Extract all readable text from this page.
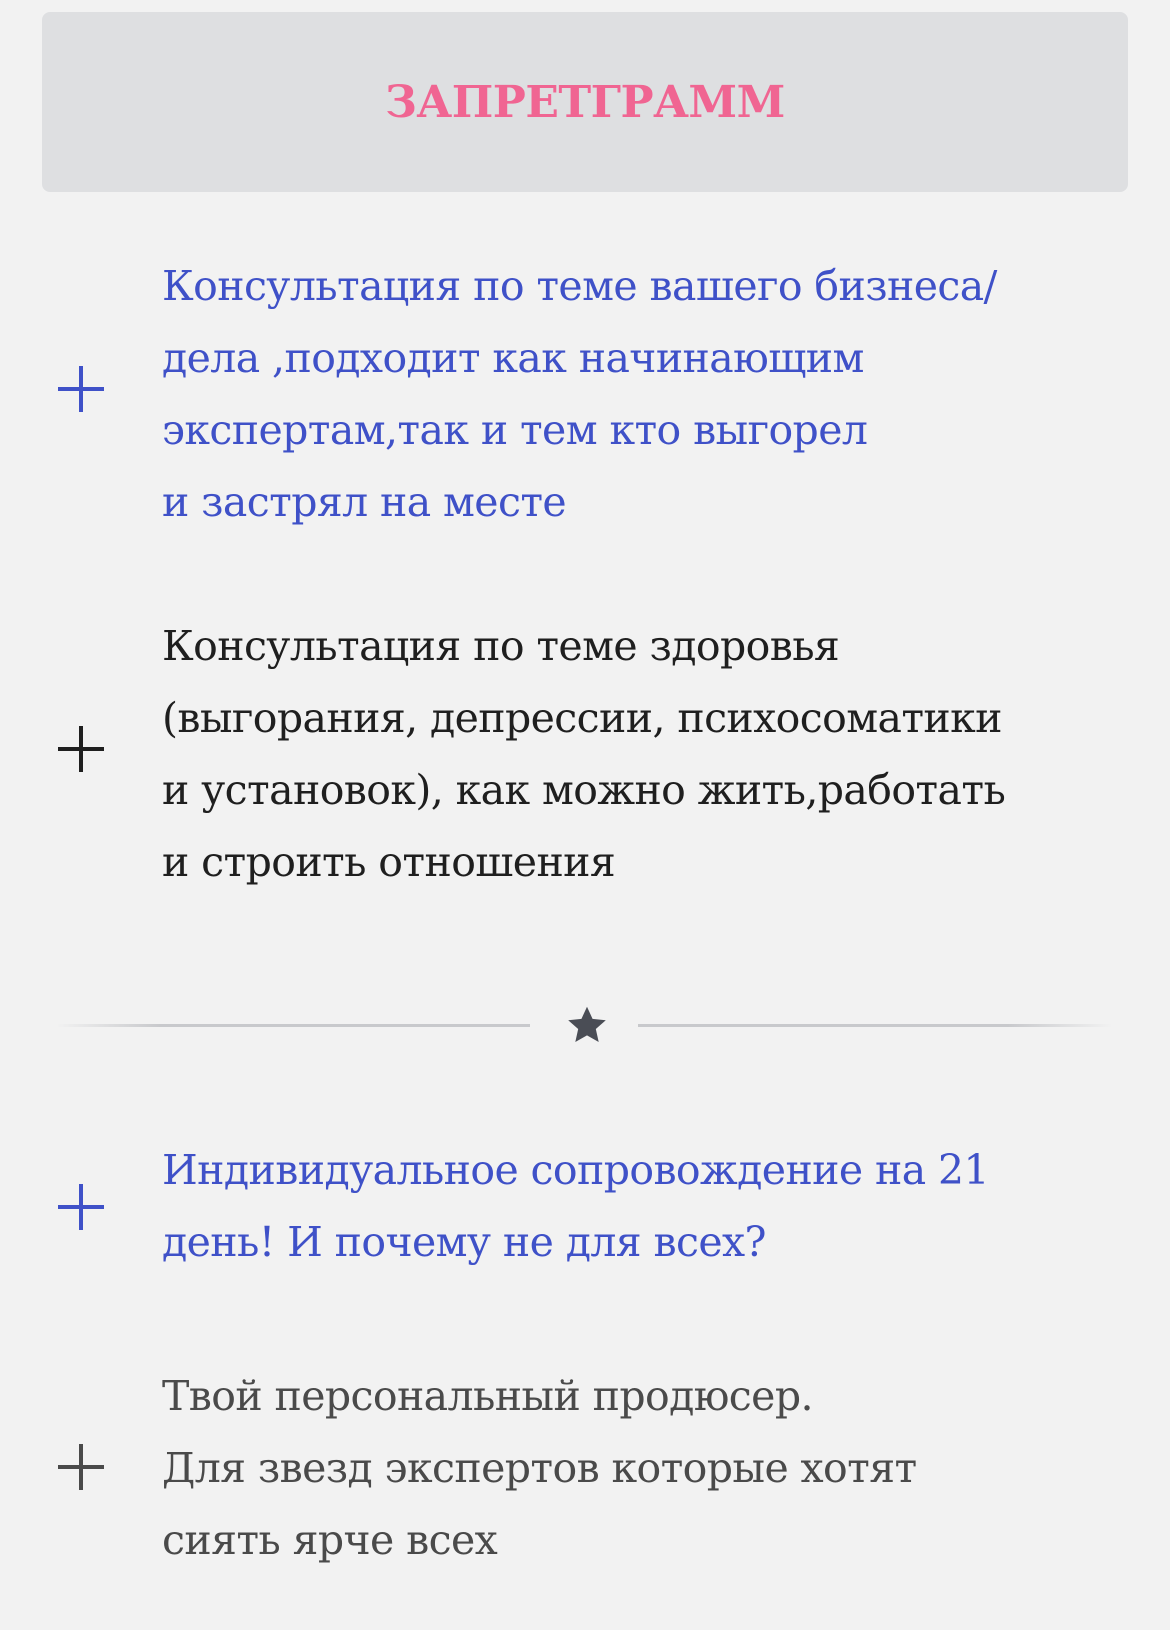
ЗАПРЕТГРАММ

Консультация по теме вашего бизнеса/
дела ,подходит как начинающим
экспертам,так и тем кто выгорел
и застрял на месте

Консультация по теме здоровья
(выгорания, депрессии, психосоматики
и установок), как можно жить,работать
и строить отношения

Индивидуальное сопровождение на 21
день! И почему не для всех?

Твой персональный продюсер.
Для звезд экспертов которые хотят
сиять ярче всех
